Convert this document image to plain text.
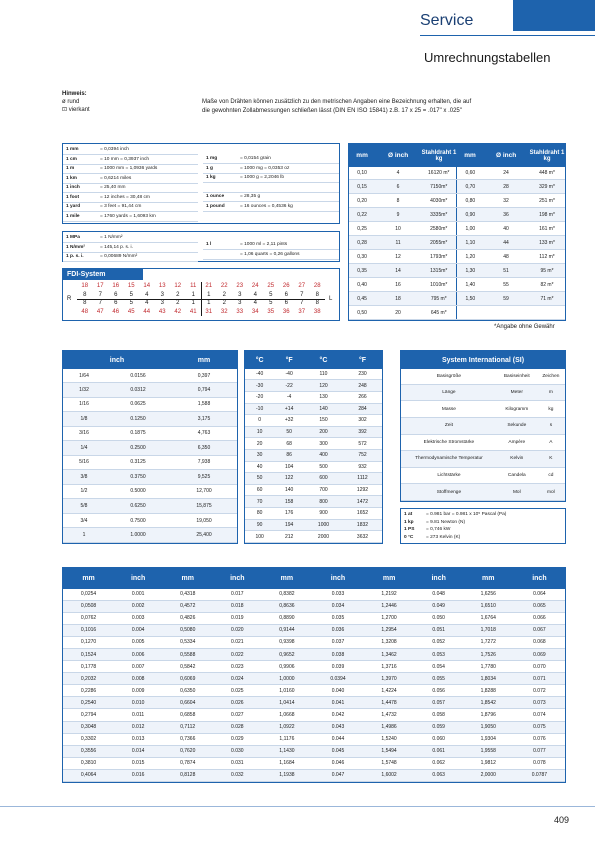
Service
Umrechnungstabellen
Hinweis:
ø rund
⊡ vierkant
Maße von Drähten können zusätzlich zu den metrischen Angaben eine Bezeichnung erhalten, die auf
die gewohnten Zollabmessungen schließen lässt (DIN EN ISO 15841) z.B. 17 x 25 = .017" x .025"
1 mm	= 0,0394 inch
1 cm	= 10 mm = 0,3937 inch
1 m	= 1000 mm = 1,0936 yards
1 km	= 0,6214 miles
1 inch	= 25,40 mm
1 foot	= 12 inches = 30,48 cm
1 yard	= 3 feet = 91,44 cm
1 mile	= 1760 yards = 1,6093 km
1 mg	= 0,0154 grain
1 g	= 1000 mg = 0,0353 oz
1 kg	= 1000 g = 2,2046 lb

1 ounce	= 28,35 g
1 pound	= 16 ounces = 0,4536 kg
1 MPa	= 1 N/mm²
1 N/mm²	= 145,14 p. s. i.
1 p. s. i.	= 0,00689 N/mm²
1 l	= 1000 ml = 2,11 pints
	= 1,06 quarts = 0,26 gallons
FDI-System
18	17	16	15	14	13	12	11	21	22	23	24	25	26	27	28
8	7	6	5	4	3	2	1	1	2	3	4	5	6	7	8
8	7	6	5	4	3	2	1	1	2	3	4	5	6	7	8
48	47	46	45	44	43	42	41	31	32	33	34	35	36	37	38
R	L
mm	Ø inch	Stahldraht 1 kg	mm	Ø inch	Stahldraht 1 kg
0,10	4	16120 m*	0,60	24	448 m*
0,15	6	7150m*	0,70	28	329 m*
0,20	8	4030m*	0,80	32	251 m*
0,22	9	3335m*	0,90	36	198 m*
0,25	10	2580m*	1,00	40	161 m*
0,28	11	2055m*	1,10	44	133 m*
0,30	12	1793m*	1,20	48	112 m*
0,35	14	1315m*	1,30	51	95 m*
0,40	16	1010m*	1,40	55	82 m*
0,45	18	795 m*	1,50	59	71 m*
0,50	20	645 m*			
*Angabe ohne Gewähr
inch		mm
1/64	0.0156	0,397
1/32	0.0312	0,794
1/16	0.0625	1,588
1/8	0.1250	3,175
3/16	0.1875	4,763
1/4	0.2500	6,350
5/16	0.3125	7,938
3/8	0.3750	9,525
1/2	0.5000	12,700
5/8	0.6250	15,875
3/4	0.7500	19,050
1	1.0000	25,400
°C	°F	°C	°F
-40	-40	110	230
-30	-22	120	248
-20	-4	130	266
-10	+14	140	284
0	+32	150	302
10	50	200	392
20	68	300	572
30	86	400	752
40	104	500	932
50	122	600	1112
60	140	700	1292
70	158	800	1472
80	176	900	1652
90	194	1000	1832
100	212	2000	3632
System International (SI)		
Basisgröße	Basiseinheit	Zeichen
Länge	Meter	m
Masse	Kilogramm	kg
Zeit	Sekunde	s
Elektrische Stromstärke	Ampère	A
Thermodynamische Temperatur	Kelvin	K
Lichtstärke	Candela	cd
Stoffmenge	Mol	mol
1 at	= 0.981 bar = 0.981 x 10⁵ Pascal (Pa)
1 kp	= 9.81 Newton (N)
1 PS	= 0,746 kW
0 °C	= 273 Kelvin (K)
mm	inch	mm	inch	mm	inch	mm	inch	mm	inch
0,0254	0.001	0,4318	0.017	0,8382	0.033	1,2192	0.048	1,6256	0.064
0,0508	0.002	0,4572	0.018	0,8636	0.034	1,2446	0.049	1,6510	0.065
0,0762	0.003	0,4826	0.019	0,8890	0.035	1,2700	0.050	1,6764	0.066
0,1016	0.004	0,5080	0.020	0,9144	0.036	1,2954	0.051	1,7018	0.067
0,1270	0.005	0,5334	0.021	0,9398	0.037	1,3208	0.052	1,7272	0.068
0,1524	0.006	0,5588	0.022	0,9652	0.038	1,3462	0.053	1,7526	0.069
0,1778	0.007	0,5842	0.023	0,9906	0.039	1,3716	0.054	1,7780	0.070
0,2032	0.008	0,6069	0.024	1,0000	0.0394	1,3970	0.055	1,8034	0.071
0,2286	0.009	0,6350	0.025	1,0160	0.040	1,4224	0.056	1,8288	0.072
0,2540	0.010	0,6604	0.026	1,0414	0.041	1,4478	0.057	1,8542	0.073
0,2794	0.011	0,6858	0.027	1,0668	0.042	1,4732	0.058	1,8796	0.074
0,3048	0.012	0,7112	0.028	1,0922	0.043	1,4986	0.059	1,9050	0.075
0,3302	0.013	0,7366	0.029	1,1176	0.044	1,5240	0.060	1,9304	0.076
0,3556	0.014	0,7620	0.030	1,1430	0.045	1,5494	0.061	1,9558	0.077
0,3810	0.015	0,7874	0.031	1,1684	0.046	1,5748	0.062	1,9812	0.078
0,4064	0.016	0,8128	0.032	1,1938	0.047	1,6002	0.063	2,0000	0.0787
409
